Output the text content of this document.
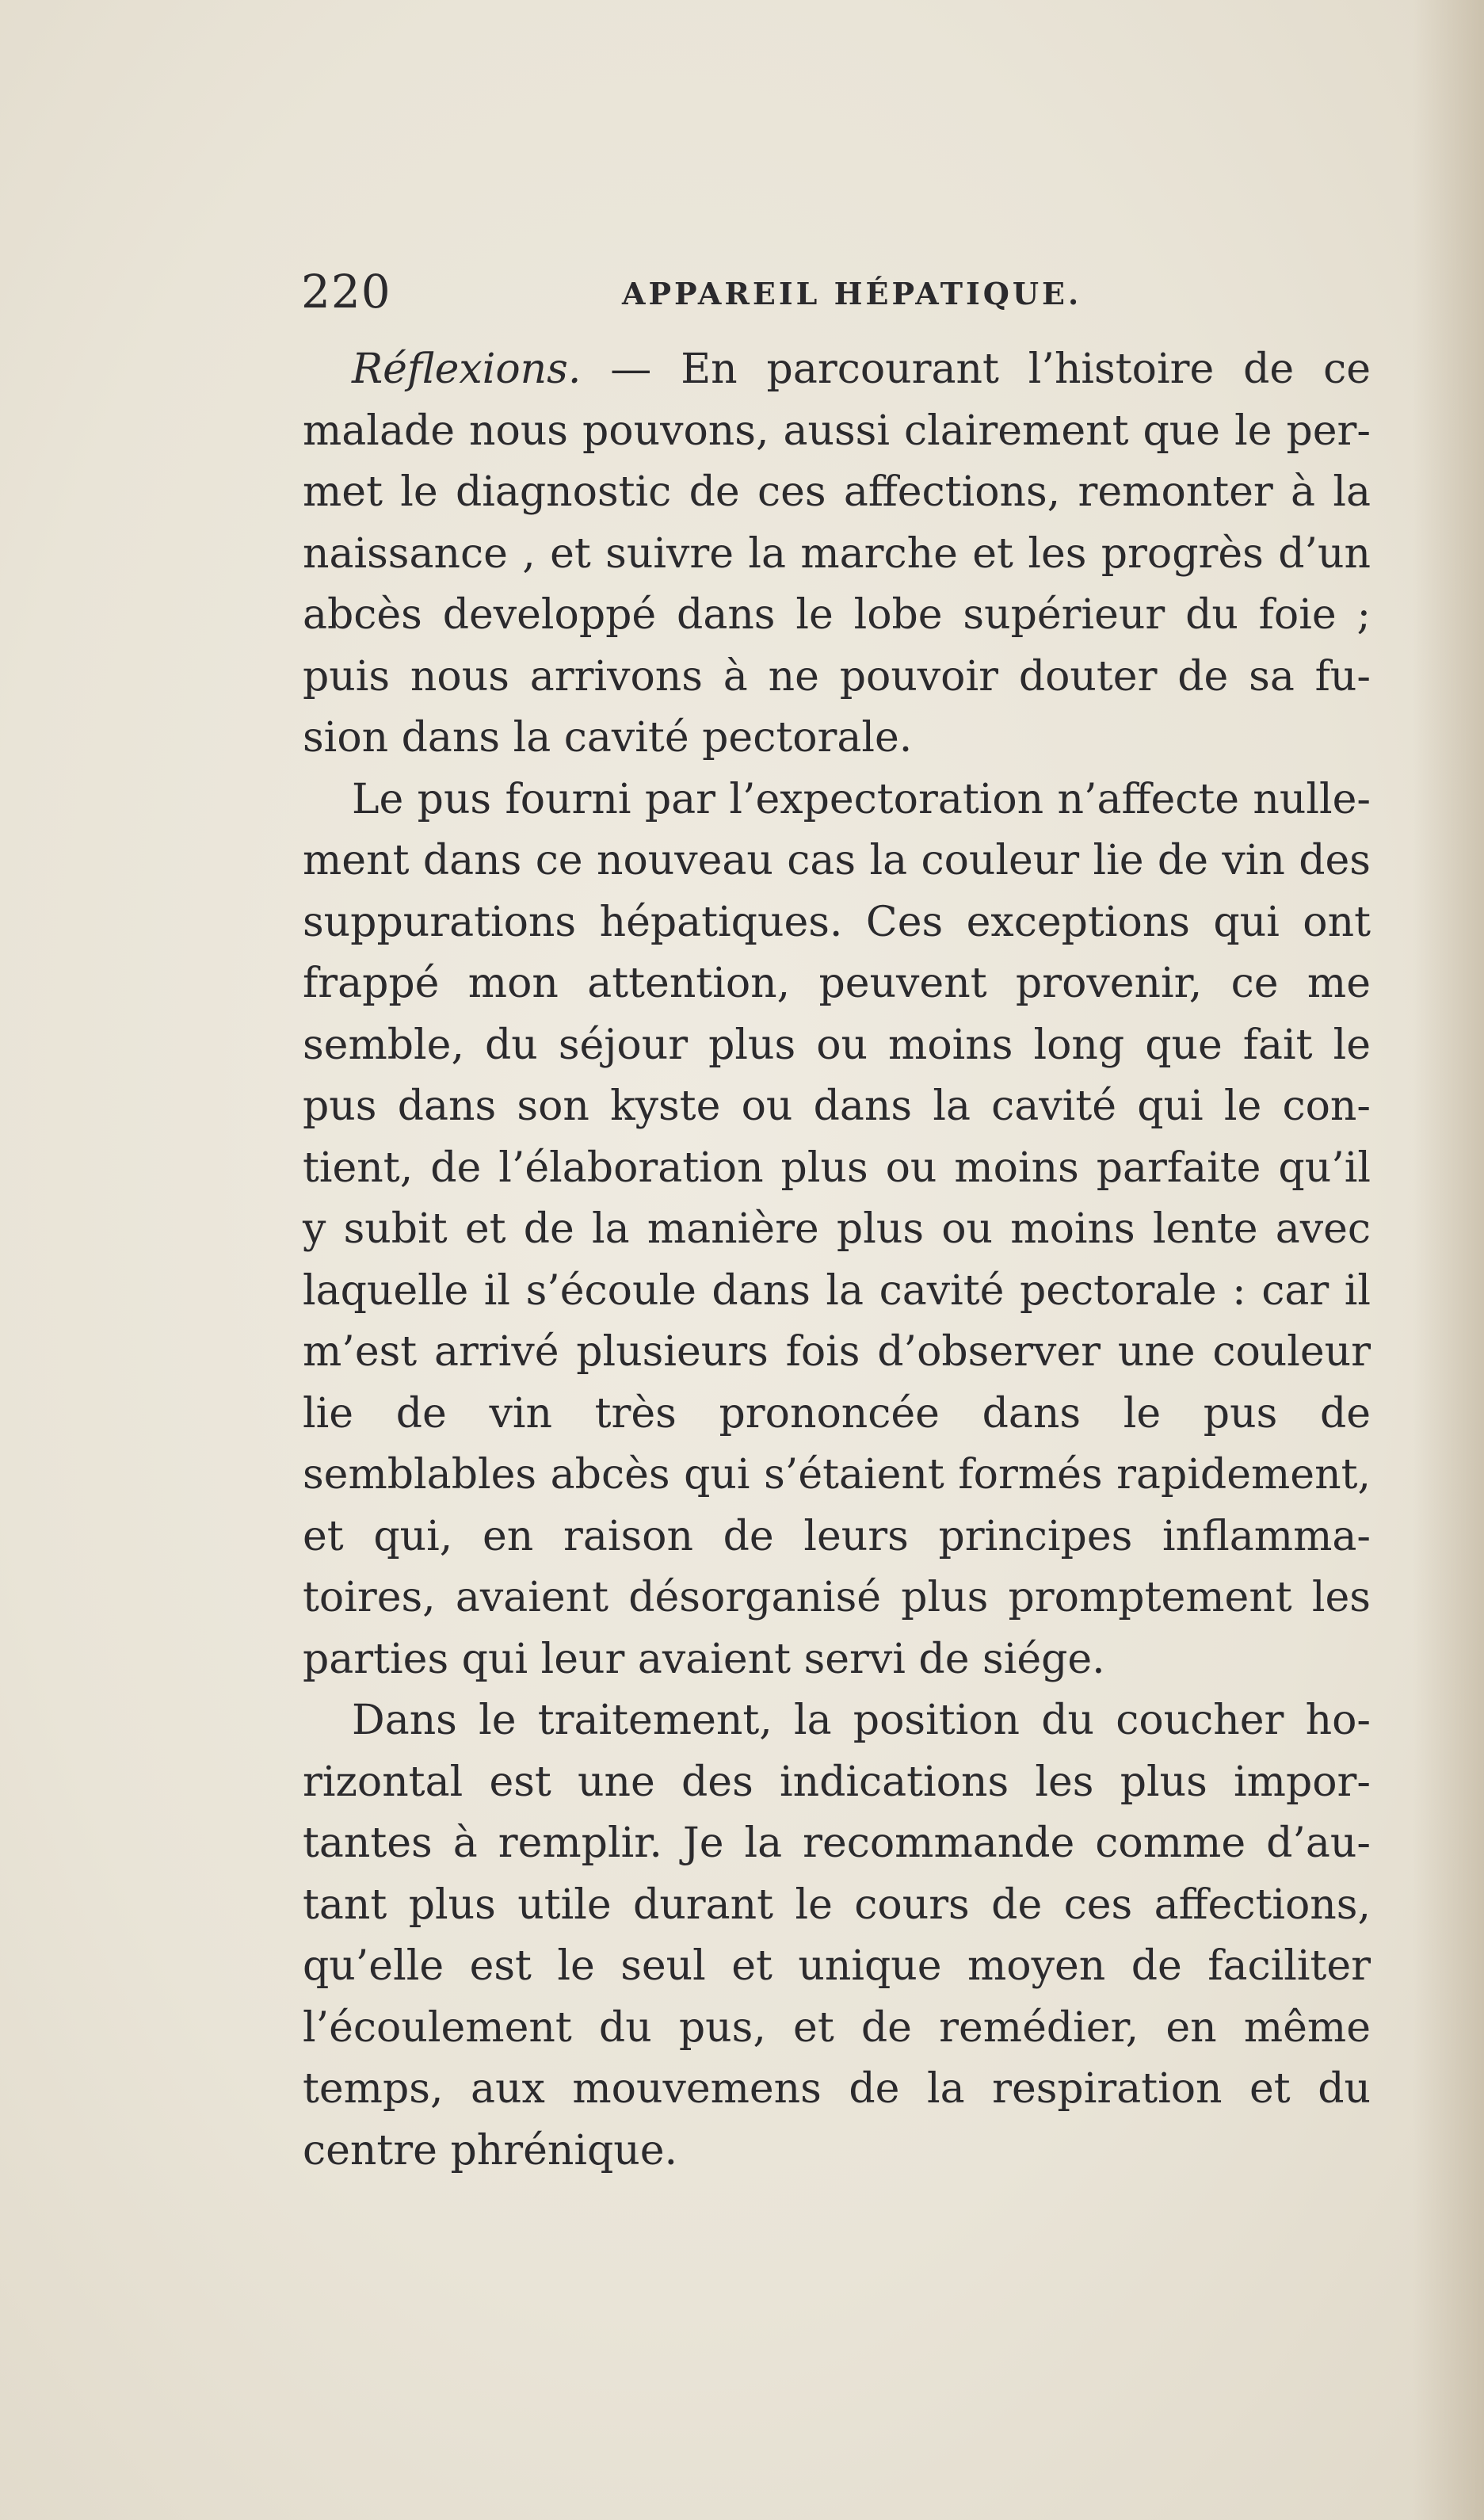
220	APPAREIL HÉPATIQUE.

Réflexions. — En parcourant l’histoire de ce malade nous pouvons, aussi clairement que le permet le diagnostic de ces affections, remonter à la naissance , et suivre la marche et les progrès d’un abcès developpé dans le lobe supérieur du foie ; puis nous arrivons à ne pouvoir douter de sa fusion dans la cavité pectorale.

Le pus fourni par l’expectoration n’affecte nullement dans ce nouveau cas la couleur lie de vin des suppurations hépatiques. Ces exceptions qui ont frappé mon attention, peuvent provenir, ce me semble, du séjour plus ou moins long que fait le pus dans son kyste ou dans la cavité qui le contient, de l’élaboration plus ou moins parfaite qu’il y subit et de la manière plus ou moins lente avec laquelle il s’écoule dans la cavité pectorale : car il m’est arrivé plusieurs fois d’observer une couleur lie de vin très prononcée dans le pus de semblables abcès qui s’étaient formés rapidement, et qui, en raison de leurs principes inflammatoires, avaient désorganisé plus promptement les parties qui leur avaient servi de siége.

Dans le traitement, la position du coucher horizontal est une des indications les plus importantes à remplir. Je la recommande comme d’autant plus utile durant le cours de ces affections, qu’elle est le seul et unique moyen de faciliter l’écoulement du pus, et de remédier, en même temps, aux mouvemens de la respiration et du centre phrénique.
